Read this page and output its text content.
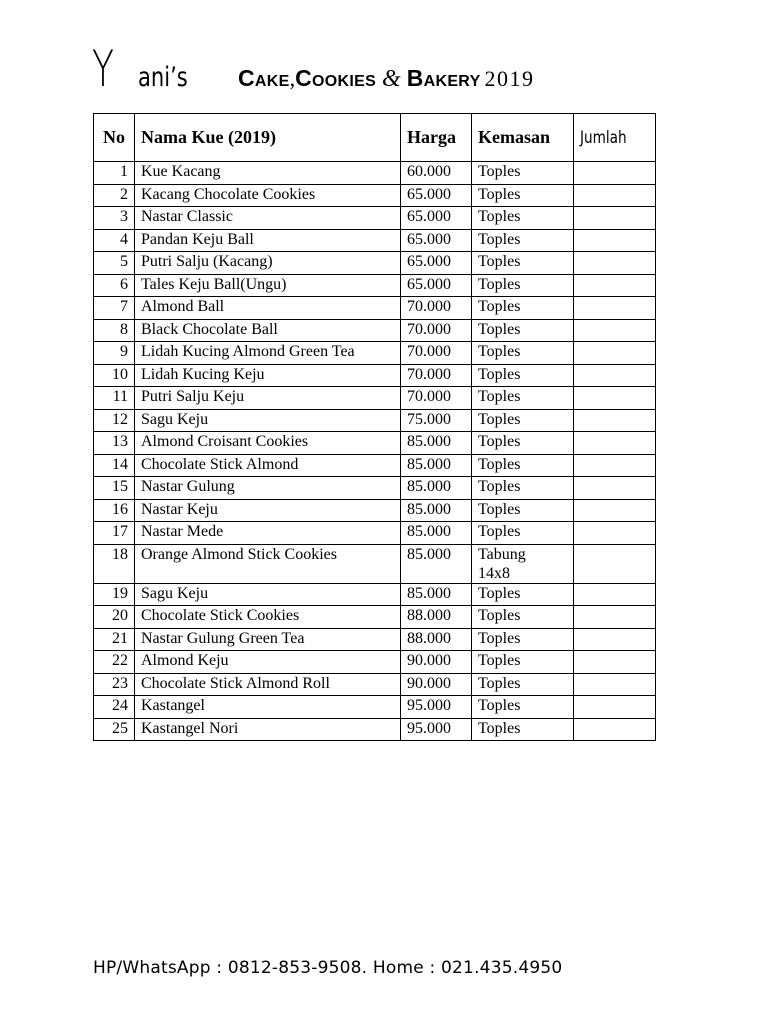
Y ani’s	Cake , Cookies & Bakery 2019
No	Nama Kue (2019)	Harga	Kemasan	Jumlah
1	Kue Kacang	60.000	Toples	
2	Kacang Chocolate Cookies	65.000	Toples	
3	Nastar Classic	65.000	Toples	
4	Pandan Keju Ball	65.000	Toples	
5	Putri Salju (Kacang)	65.000	Toples	
6	Tales Keju Ball(Ungu)	65.000	Toples	
7	Almond Ball	70.000	Toples	
8	Black Chocolate Ball	70.000	Toples	
9	Lidah Kucing Almond Green Tea	70.000	Toples	
10	Lidah Kucing Keju	70.000	Toples	
11	Putri Salju Keju	70.000	Toples	
12	Sagu Keju	75.000	Toples	
13	Almond Croisant Cookies	85.000	Toples	
14	Chocolate Stick Almond	85.000	Toples	
15	Nastar Gulung	85.000	Toples	
16	Nastar Keju	85.000	Toples	
17	Nastar Mede	85.000	Toples	
18	Orange Almond Stick Cookies	85.000	Tabung
14x8	
19	Sagu Keju	85.000	Toples	
20	Chocolate Stick Cookies	88.000	Toples	
21	Nastar Gulung Green Tea	88.000	Toples	
22	Almond Keju	90.000	Toples	
23	Chocolate Stick Almond Roll	90.000	Toples	
24	Kastangel	95.000	Toples	
25	Kastangel Nori	95.000	Toples	
HP/WhatsApp : 0812-853-9508. Home : 021.435.4950
